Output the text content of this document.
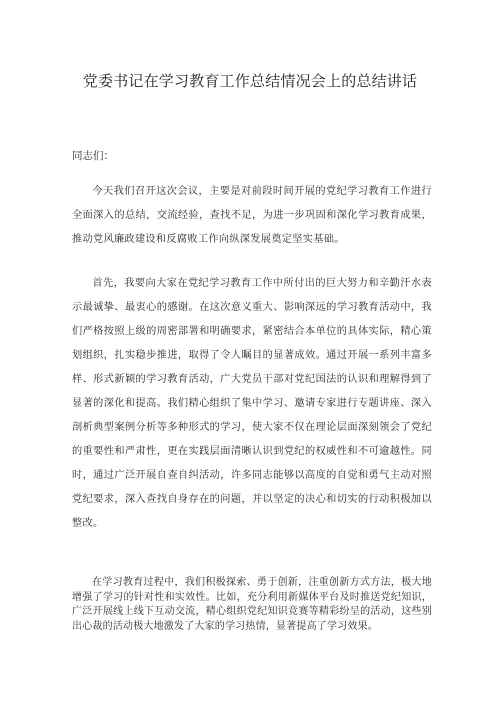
党委书记在学习教育工作总结情况会上的总结讲话
同志们：

今天我们召开这次会议，主要是对前段时间开展的党纪学习教育工作进行全面深入的总结，交流经验，查找不足，为进一步巩固和深化学习教育成果，推动党风廉政建设和反腐败工作向纵深发展奠定坚实基础。

首先，我要向大家在党纪学习教育工作中所付出的巨大努力和辛勤汗水表示最诚挚、最衷心的感谢。在这次意义重大、影响深远的学习教育活动中，我们严格按照上级的周密部署和明确要求，紧密结合本单位的具体实际，精心策划组织，扎实稳步推进，取得了令人瞩目的显著成效。通过开展一系列丰富多样、形式新颖的学习教育活动，广大党员干部对党纪国法的认识和理解得到了显著的深化和提高。我们精心组织了集中学习、邀请专家进行专题讲座、深入剖析典型案例分析等多种形式的学习，使大家不仅在理论层面深刻领会了党纪的重要性和严肃性，更在实践层面清晰认识到党纪的权威性和不可逾越性。同时，通过广泛开展自查自纠活动，许多同志能够以高度的自觉和勇气主动对照党纪要求，深入查找自身存在的问题，并以坚定的决心和切实的行动积极加以整改。

在学习教育过程中，我们积极探索、勇于创新，注重创新方式方法，极大地增强了学习的针对性和实效性。比如，充分利用新媒体平台及时推送党纪知识，广泛开展线上线下互动交流，精心组织党纪知识竞赛等精彩纷呈的活动，这些别出心裁的活动极大地激发了大家的学习热情，显著提高了学习效果。
